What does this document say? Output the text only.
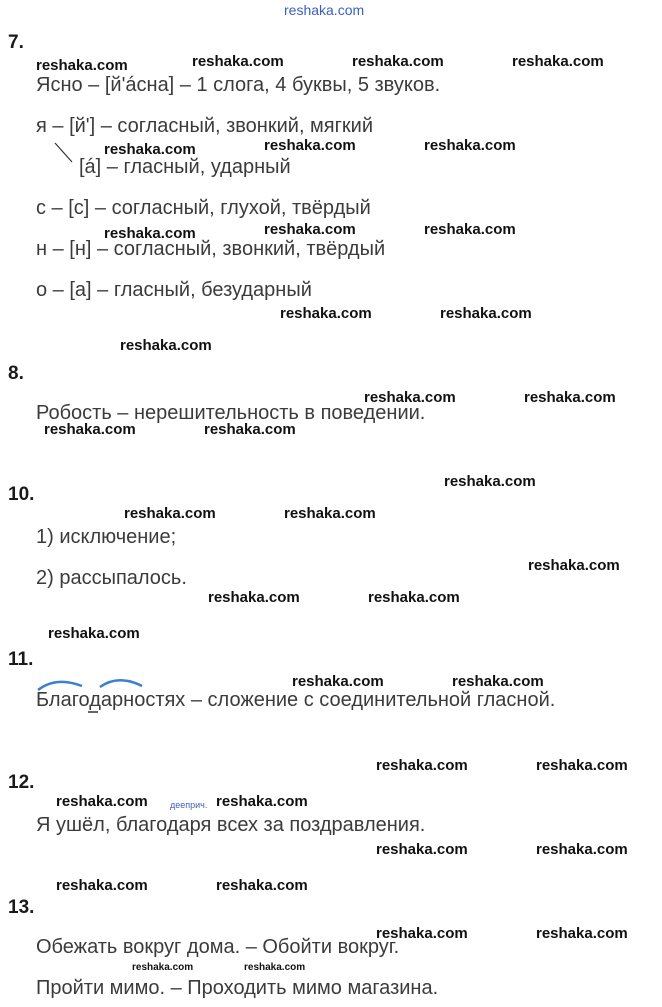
reshaka.com
7.
Ясно – [й'áсна] – 1 слога, 4 буквы, 5 звуков.
я – [й'] – согласный, звонкий, мягкий
[á] – гласный, ударный
с – [с] – согласный, глухой, твёрдый
н – [н] – согласный, звонкий, твёрдый
о – [а] – гласный, безударный
8.
Робость – нерешительность в поведении.
10.
1) исключение;
2) рассыпалось.
11.
Благодарностях – сложение с соединительной гласной.
12.
дееприч.
Я ушёл, благодаря всех за поздравления.
13.
Обежать вокруг дома. – Обойти вокруг.
Пройти мимо. – Проходить мимо магазина.
reshaka.com	reshaka.com	reshaka.com	reshaka.com
reshaka.com	reshaka.com	reshaka.com
reshaka.com	reshaka.com	reshaka.com
reshaka.com	reshaka.com
reshaka.com
reshaka.com	reshaka.com
reshaka.com	reshaka.com
reshaka.com
reshaka.com	reshaka.com
reshaka.com
reshaka.com	reshaka.com
reshaka.com
reshaka.com	reshaka.com
reshaka.com	reshaka.com
reshaka.com	reshaka.com
reshaka.com	reshaka.com
reshaka.com	reshaka.com
reshaka.com	reshaka.com
reshaka.com	reshaka.com
